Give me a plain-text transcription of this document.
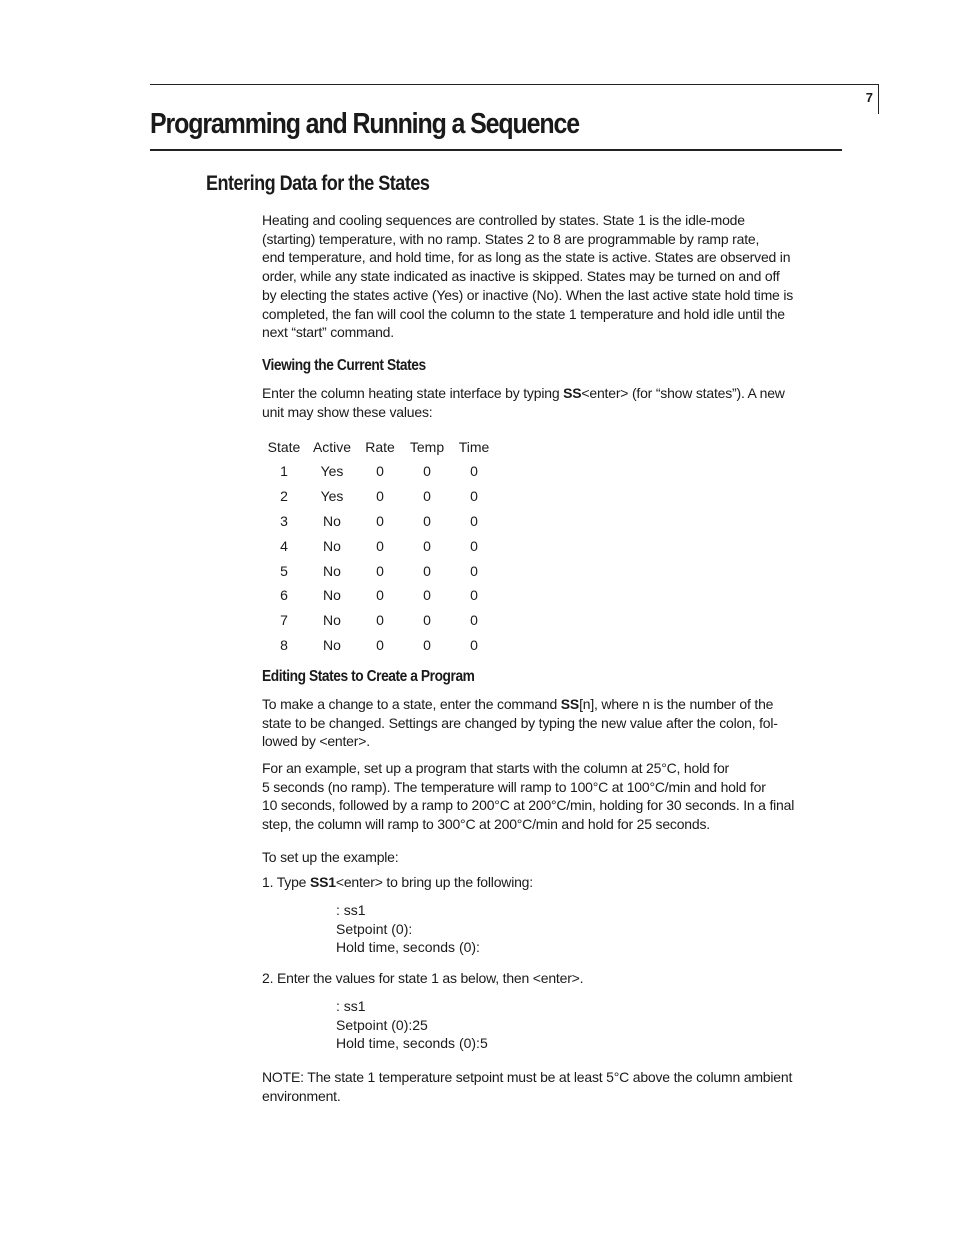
7
Programming and Running a Sequence
Entering Data for the States

Heating and cooling sequences are controlled by states. State 1 is the idle-mode
(starting) temperature, with no ramp. States 2 to 8 are programmable by ramp rate,
end temperature, and hold time, for as long as the state is active. States are observed in
order, while any state indicated as inactive is skipped. States may be turned on and off
by electing the states active (Yes) or inactive (No). When the last active state hold time is
completed, the fan will cool the column to the state 1 temperature and hold idle until the
next “start” command.

Viewing the Current States

Enter the column heating state interface by typing SS<enter> (for “show states”). A new
unit may show these values:

State	Active	Rate	Temp	Time
1	Yes	0	0	0
2	Yes	0	0	0
3	No	0	0	0
4	No	0	0	0
5	No	0	0	0
6	No	0	0	0
7	No	0	0	0
8	No	0	0	0
Editing States to Create a Program

To make a change to a state, enter the command SS[n], where n is the number of the
state to be changed. Settings are changed by typing the new value after the colon, fol-
lowed by <enter>.

For an example, set up a program that starts with the column at 25°C, hold for
5 seconds (no ramp). The temperature will ramp to 100°C at 100°C/min and hold for
10 seconds, followed by a ramp to 200°C at 200°C/min, holding for 30 seconds. In a final
step, the column will ramp to 300°C at 200°C/min and hold for 25 seconds.

To set up the example:

1. Type SS1<enter> to bring up the following:

: ss1
Setpoint (0):
Hold time, seconds (0):

2. Enter the values for state 1 as below, then <enter>.

: ss1
Setpoint (0):25
Hold time, seconds (0):5

NOTE: The state 1 temperature setpoint must be at least 5°C above the column ambient
environment.
